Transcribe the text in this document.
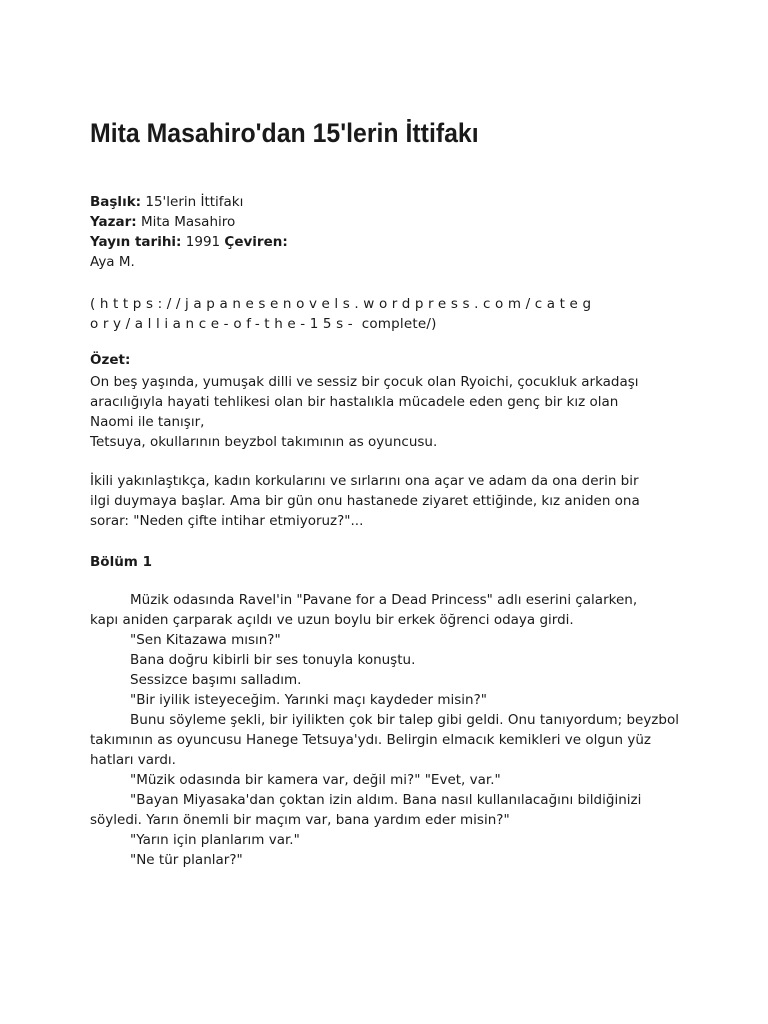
Mita Masahiro'dan 15'lerin İttifakı
Başlık: 15'lerin İttifakı
Yazar: Mita Masahiro
Yayın tarihi: 1991 Çeviren:
Aya M.
(https://japanesenovels.wordpress.com/categ
ory/alliance-of-the-15s- complete/)
Özet:
On beş yaşında, yumuşak dilli ve sessiz bir çocuk olan Ryoichi, çocukluk arkadaşı
aracılığıyla hayati tehlikesi olan bir hastalıkla mücadele eden genç bir kız olan
Naomi ile tanışır,
Tetsuya, okullarının beyzbol takımının as oyuncusu.
İkili yakınlaştıkça, kadın korkularını ve sırlarını ona açar ve adam da ona derin bir
ilgi duymaya başlar. Ama bir gün onu hastanede ziyaret ettiğinde, kız aniden ona
sorar: "Neden çifte intihar etmiyoruz?"...
Bölüm 1
Müzik odasında Ravel'in "Pavane for a Dead Princess" adlı eserini çalarken,
kapı aniden çarparak açıldı ve uzun boylu bir erkek öğrenci odaya girdi.
"Sen Kitazawa mısın?"
Bana doğru kibirli bir ses tonuyla konuştu.
Sessizce başımı salladım.
"Bir iyilik isteyeceğim. Yarınki maçı kaydeder misin?"
Bunu söyleme şekli, bir iyilikten çok bir talep gibi geldi. Onu tanıyordum; beyzbol
takımının as oyuncusu Hanege Tetsuya'ydı. Belirgin elmacık kemikleri ve olgun yüz
hatları vardı.
"Müzik odasında bir kamera var, değil mi?" "Evet, var."
"Bayan Miyasaka'dan çoktan izin aldım. Bana nasıl kullanılacağını bildiğinizi
söyledi. Yarın önemli bir maçım var, bana yardım eder misin?"
"Yarın için planlarım var."
"Ne tür planlar?"
